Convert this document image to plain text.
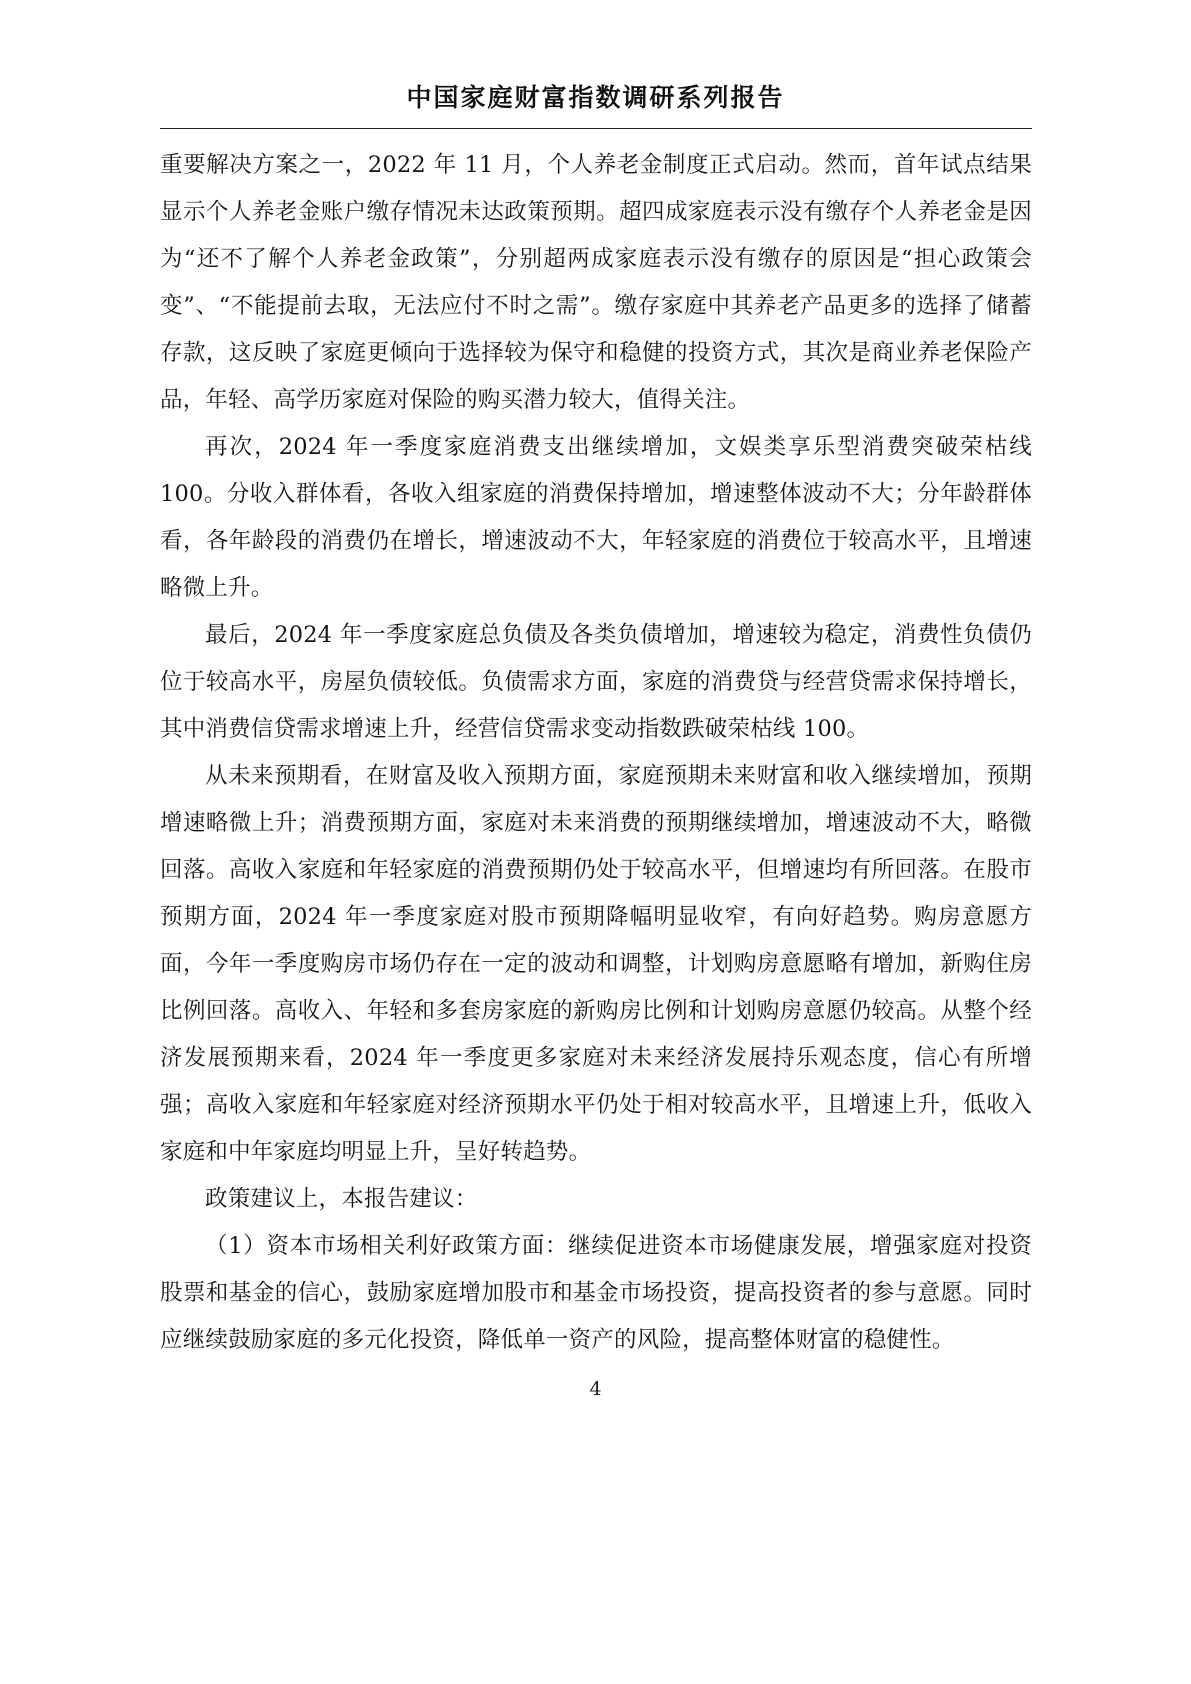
中国家庭财富指数调研系列报告

重要解决方案之一，2022 年 11 月，个人养老金制度正式启动。然而，首年试点结果显示个人养老金账户缴存情况未达政策预期。超四成家庭表示没有缴存个人养老金是因为“还不了解个人养老金政策”，分别超两成家庭表示没有缴存的原因是“担心政策会变”、“不能提前去取，无法应付不时之需”。缴存家庭中其养老产品更多的选择了储蓄存款，这反映了家庭更倾向于选择较为保守和稳健的投资方式，其次是商业养老保险产品，年轻、高学历家庭对保险的购买潜力较大，值得关注。

再次，2024 年一季度家庭消费支出继续增加，文娱类享乐型消费突破荣枯线 100。分收入群体看，各收入组家庭的消费保持增加，增速整体波动不大；分年龄群体看，各年龄段的消费仍在增长，增速波动不大，年轻家庭的消费位于较高水平，且增速略微上升。

最后，2024 年一季度家庭总负债及各类负债增加，增速较为稳定，消费性负债仍位于较高水平，房屋负债较低。负债需求方面，家庭的消费贷与经营贷需求保持增长，其中消费信贷需求增速上升，经营信贷需求变动指数跌破荣枯线 100。

从未来预期看，在财富及收入预期方面，家庭预期未来财富和收入继续增加，预期增速略微上升；消费预期方面，家庭对未来消费的预期继续增加，增速波动不大，略微回落。高收入家庭和年轻家庭的消费预期仍处于较高水平，但增速均有所回落。在股市预期方面，2024 年一季度家庭对股市预期降幅明显收窄，有向好趋势。购房意愿方面，今年一季度购房市场仍存在一定的波动和调整，计划购房意愿略有增加，新购住房比例回落。高收入、年轻和多套房家庭的新购房比例和计划购房意愿仍较高。从整个经济发展预期来看，2024 年一季度更多家庭对未来经济发展持乐观态度，信心有所增强；高收入家庭和年轻家庭对经济预期水平仍处于相对较高水平，且增速上升，低收入家庭和中年家庭均明显上升，呈好转趋势。

政策建议上，本报告建议：

（1）资本市场相关利好政策方面：继续促进资本市场健康发展，增强家庭对投资股票和基金的信心，鼓励家庭增加股市和基金市场投资，提高投资者的参与意愿。同时应继续鼓励家庭的多元化投资，降低单一资产的风险，提高整体财富的稳健性。

4
